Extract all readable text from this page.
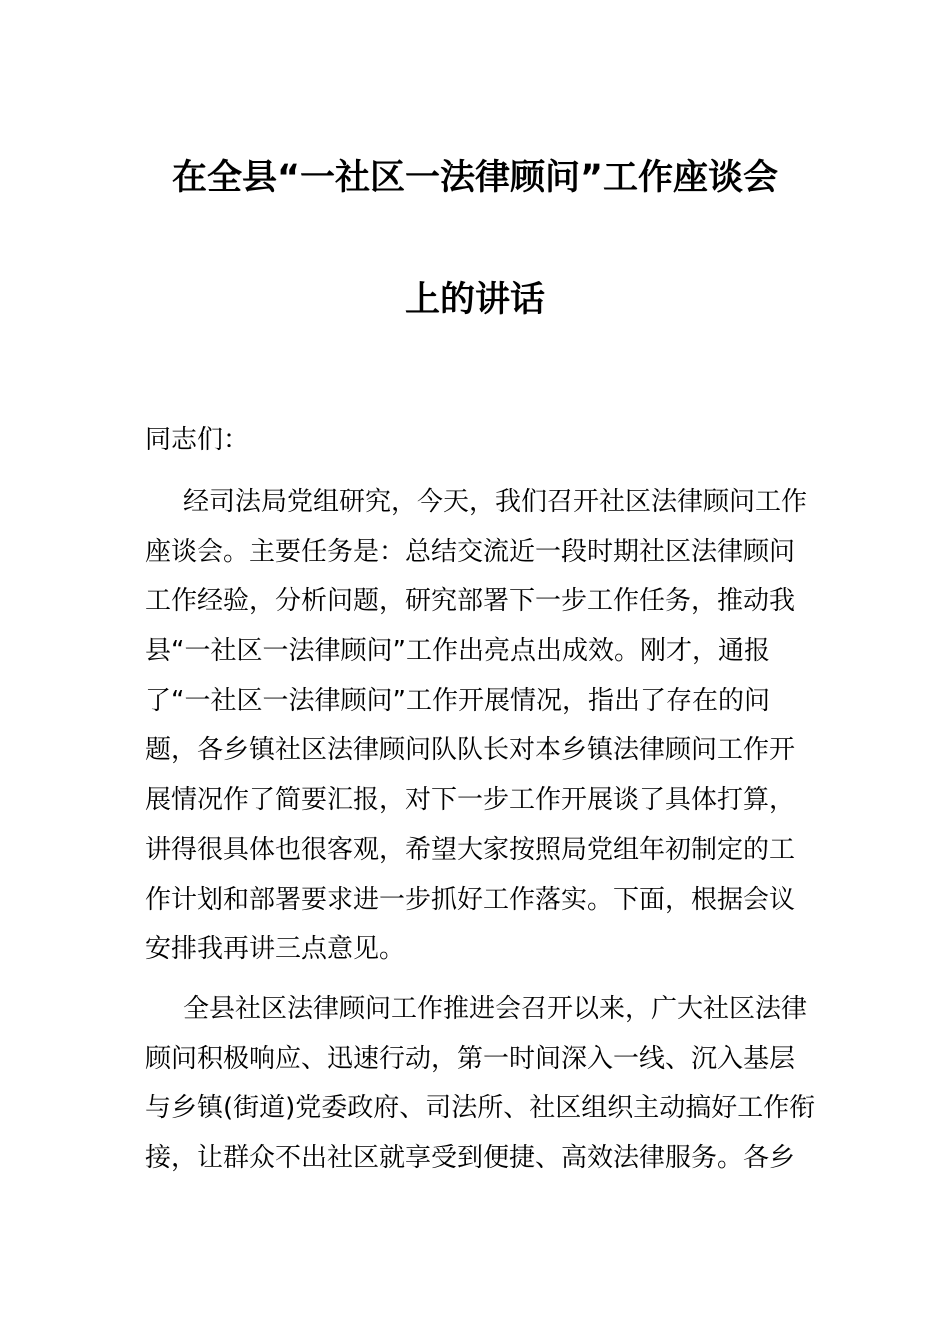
在全县“一社区一法律顾问”工作座谈会
上的讲话

同志们：

经司法局党组研究，今天，我们召开社区法律顾问工作
座谈会。主要任务是：总结交流近一段时期社区法律顾问
工作经验，分析问题，研究部署下一步工作任务，推动我
县“一社区一法律顾问”工作出亮点出成效。刚才，通报
了“一社区一法律顾问”工作开展情况，指出了存在的问
题，各乡镇社区法律顾问队队长对本乡镇法律顾问工作开
展情况作了简要汇报，对下一步工作开展谈了具体打算，
讲得很具体也很客观，希望大家按照局党组年初制定的工
作计划和部署要求进一步抓好工作落实。下面，根据会议
安排我再讲三点意见。
全县社区法律顾问工作推进会召开以来，广大社区法律
顾问积极响应、迅速行动，第一时间深入一线、沉入基层
与乡镇(街道)党委政府、司法所、社区组织主动搞好工作衔
接，让群众不出社区就享受到便捷、高效法律服务。各乡
